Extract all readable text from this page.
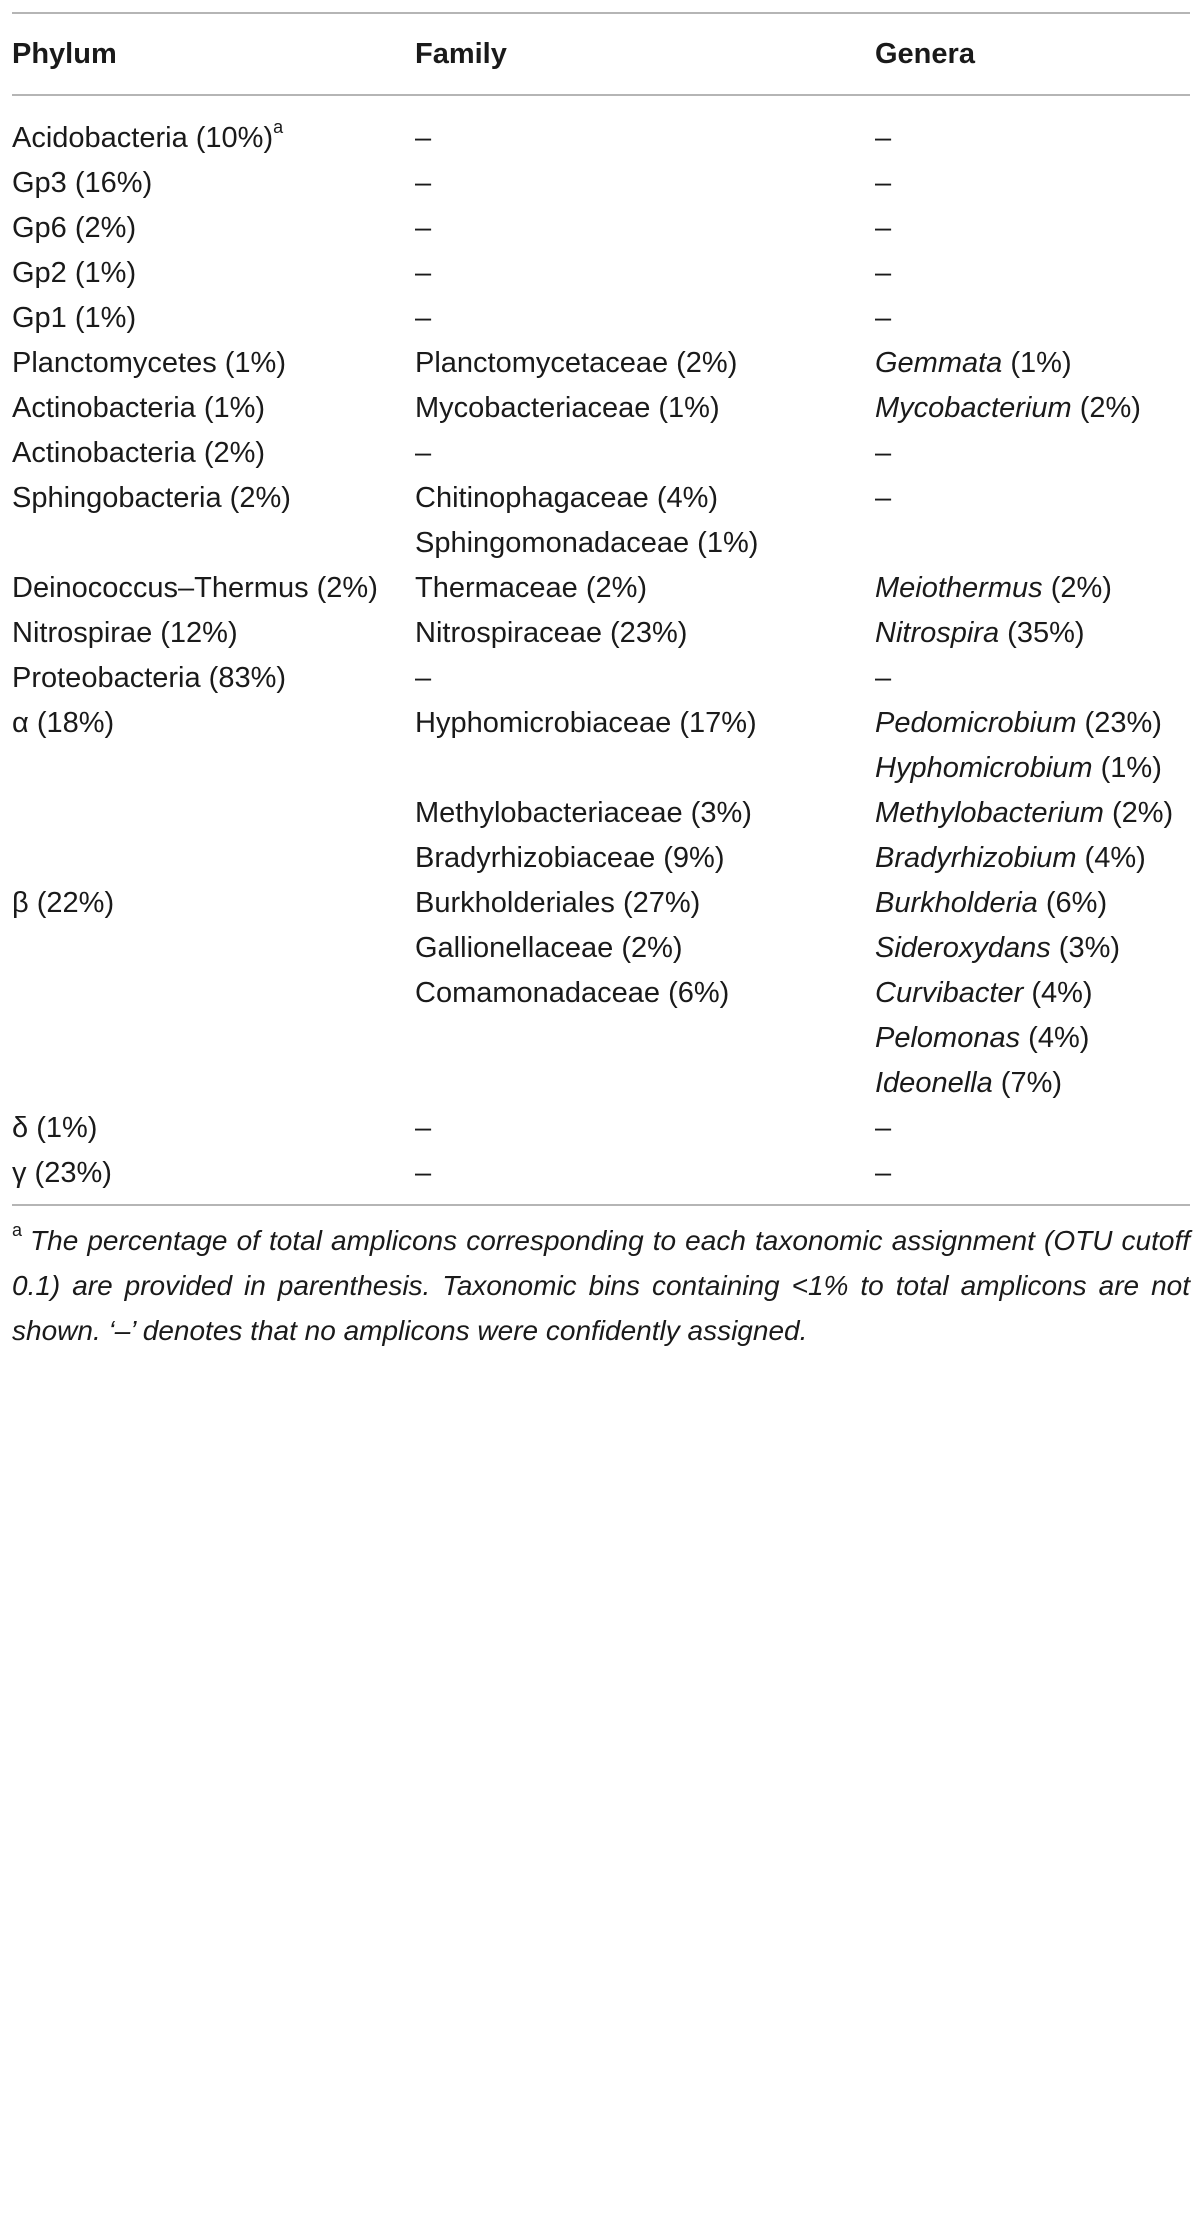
Phylum	Family	Genera
Acidobacteria $(10\%)^a$	–	–
Gp3 (16%)	–	–
Gp6 (2%)	–	–
Gp2 (1%)	–	–
Gp1 (1%)	–	–
Planctomycetes (1%)	Planctomycetaceae (2%)	Gemmata (1%)
Actinobacteria (1%)	Mycobacteriaceae (1%)	Mycobacterium (2%)
Actinobacteria (2%)	–	–
Sphingobacteria (2%)	Chitinophagaceae (4%)	–
	Sphingomonadaceae (1%)	
Deinococcus–Thermus (2%)	Thermaceae (2%)	Meiothermus (2%)
Nitrospirae (12%)	Nitrospiraceae (23%)	Nitrospira (35%)
Proteobacteria (83%)	–	–
α (18%)	Hyphomicrobiaceae (17%)	Pedomicrobium (23%)
		Hyphomicrobium (1%)
	Methylobacteriaceae (3%)	Methylobacterium (2%)
	Bradyrhizobiaceae (9%)	Bradyrhizobium (4%)
β (22%)	Burkholderiales (27%)	Burkholderia (6%)
	Gallionellaceae (2%)	Sideroxydans (3%)
	Comamonadaceae (6%)	Curvibacter (4%)
		Pelomonas (4%)
		Ideonella (7%)
δ (1%)	–	–
γ (23%)	–	–
$^a$ The percentage of total amplicons corresponding to each taxonomic assignment (OTU cutoff 0.1) are provided in parenthesis. Taxonomic bins containing <1% to total amplicons are not shown. ‘–’ denotes that no amplicons were confidently assigned.
